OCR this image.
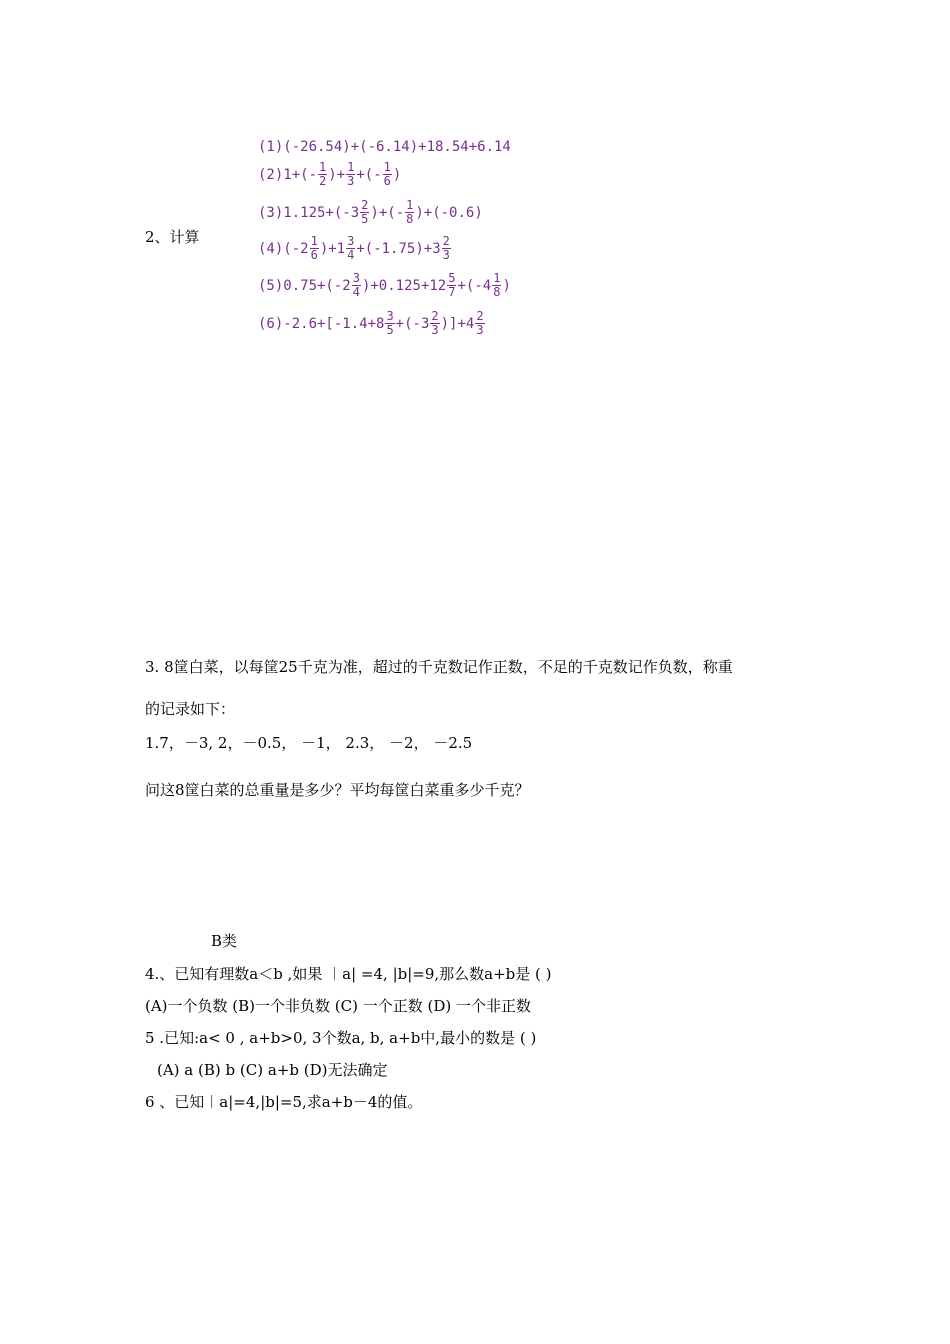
2、计算
(1)(-26.54)+(-6.14)+18.54+6.14
$(2)1+(- \frac{1}{2}$ )+ $\frac{1}{3}$ +(- $\frac{1}{6}$ )
$(3)1.125+(-3 \frac{2}{5}$ )+(- $\frac{1}{8} )+(-0.6)$
$(4)(-2 \frac{1}{6} )+1 \frac{3}{4} +(-1.75)+3 \frac{2}{3}$
$(5)0.75+(-2 \frac{3}{4} )+0.125+12 \frac{5}{7} +(-4 \frac{1}{8}$ )
$(6)-2.6+[-1.4+8 \frac{3}{5} +(-3 \frac{2}{3} )]+4 \frac{2}{3}$
3. 8筐白菜，以每筐25千克为准，超过的千克数记作正数，不足的千克数记作负数，称重
的记录如下：
1.7，－3, 2，－0.5， －1， 2.3， －2， －2.5
问这8筐白菜的总重量是多少？平均每筐白菜重多少千克？
B类
4.、已知有理数a＜b ,如果 ︱a| =4, |b|=9,那么数a+b是 ( )
(A)一个负数 (B)一个非负数 (C) 一个正数 (D) 一个非正数
5 .已知:a< 0 , a+b>0, 3个数a, b, a+b中,最小的数是 ( )
(A) a (B) b (C) a+b (D)无法确定
6 、已知︱a|=4,|b|=5,求a+b－4的值。
